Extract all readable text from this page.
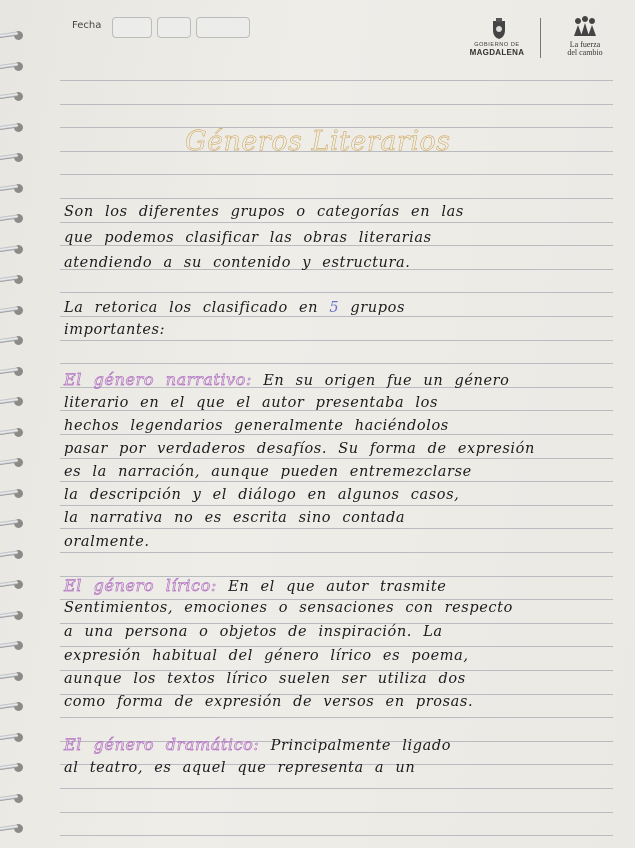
Fecha
GOBIERNO DE
MAGDALENA
La fuerza
del cambio
Géneros Literarios
Son los diferentes grupos o categorías en las
que podemos clasificar las obras literarias
atendiendo a su contenido y estructura.
La retorica los clasificado en 5 grupos
importantes:
El género narrativo: En su origen fue un género
literario en el que el autor presentaba los
hechos legendarios generalmente haciéndolos
pasar por verdaderos desafíos. Su forma de expresión
es la narración, aunque pueden entremezclarse
la descripción y el diálogo en algunos casos,
la narrativa no es escrita sino contada
oralmente.
El género lírico: En el que autor trasmite
Sentimientos, emociones o sensaciones con respecto
a una persona o objetos de inspiración. La
expresión habitual del género lírico es poema,
aunque los textos lírico suelen ser utiliza dos
como forma de expresión de versos en prosas.
El género dramático: Principalmente ligado
al teatro, es aquel que representa a un
